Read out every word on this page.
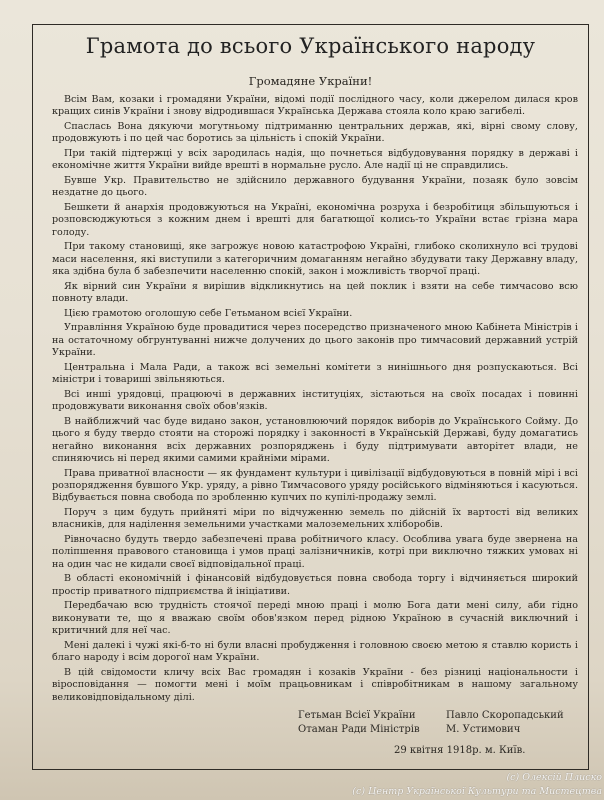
Грамота до всього Українського народу
Громадяне України!

Всім Вам, козаки і громадяни України, відомі події послідного часу, коли джерелом дилася кров кращих синів України і знову відродившася Українська Держава стояла коло краю загибелі.

Спаслась Вона дякуючи могутньому підтриманню центральних держав, які, вірні свому слову, продовжують і по цей час боротись за цільність і спокій України.

При такій підтержці у всіх зародилась надія, що почнеться відбудовування порядку в державі і економічне життя України вийде врешті в нормальне русло. Але надії ці не справдились.

Бувше Укр. Правительство не здійснило державного будування України, позаяк було зовсім нездатне до цього.

Бешкети й анархія продовжуються на Україні, економічна розруха і безробітиця збільшуються і розповсюджуються з кожним днем і врешті для багатющої колись-то України встає грізна мара голоду.

При такому становищі, яке загрожує новою катастрофою Україні, глибоко сколихнуло всі трудові маси населення, які виступили з категоричним домаганням негайно збудувати таку Державну владу, яка здібна була б забезпечити населенню спокій, закон і можливість творчої праці.

Як вірний син України я вирішив відкликнутись на цей поклик і взяти на себе тимчасово всю повноту влади.

Цією грамотою оголошую себе Гетьманом всієї України.

Управління Україною буде провадитися через посередство призначеного мною Кабінета Міністрів і на остаточному обгрунтуванні нижче долучених до цього законів про тимчасовий державний устрій України.

Центральна і Мала Ради, а також всі земельні комітети з нинішнього дня розпускаються. Всі міністри і товариші звільняються.

Всі инші урядовці, працюючі в державних інституціях, зістаються на своїх посадах і повинні продовжувати виконання своїх обов'язків.

В найближчий час буде видано закон, установлюючий порядок виборів до Українського Сойму. До цього я буду твердо стояти на сторожі порядку і законності в Українській Державі, буду домагатись негайно виконання всіх державних розпоряджень і буду підтримувати авторітет влади, не спиняючись ні перед якими самими крайніми мірами.

Права приватної власности — як фундамент культури і цивілізації відбудовуються в повній мірі і всі розпорядження бувшого Укр. уряду, а рівно Тимчасового уряду російського відміняються і касуються. Відбувається повна свобода по зробленню купчих по купілі-продажу землі.

Поруч з цим будуть прийняті міри по відчуженню земель по дійсній їх вартості від великих власників, для наділення земельними участками малоземельних хліборобів.

Рівночасно будуть твердо забезпечені права робітничого класу. Особлива увага буде звернена на поліпшення правового становища і умов праці залізничників, котрі при виключно тяжких умовах ні на один час не кидали своєї відповідальної праці.

В області економічній і фінансовій відбудовується повна свобода торгу і відчиняється широкий простір приватного підприємства й ініціативи.

Передбачаю всю трудність стоячої переді мною праці і молю Бога дати мені силу, аби гідно виконувати те, що я вважаю своїм обов'язком перед рідною Україною в сучасній виключний і критичний для неї час.

Мені далекі і чужі які-б-то ні були власні пробудження і головною своєю метою я ставлю користь і благо народу і всім дорогої нам України.

В цій свідомости кличу всіх Вас громадян і козаків України - без різниці національности і віросповідання — помогти мені і моїм працьовникам і співробітникам в нашому загальному великовідповідальному ділі.

Гетьман Всієї України
Отаман Ради Міністрів
Павло Скоропадський
М. Устимович
29 квітня 1918р. м. Київ.
(c) Олексій Плиско
(с) Центр Української Культури та Мистецтва
